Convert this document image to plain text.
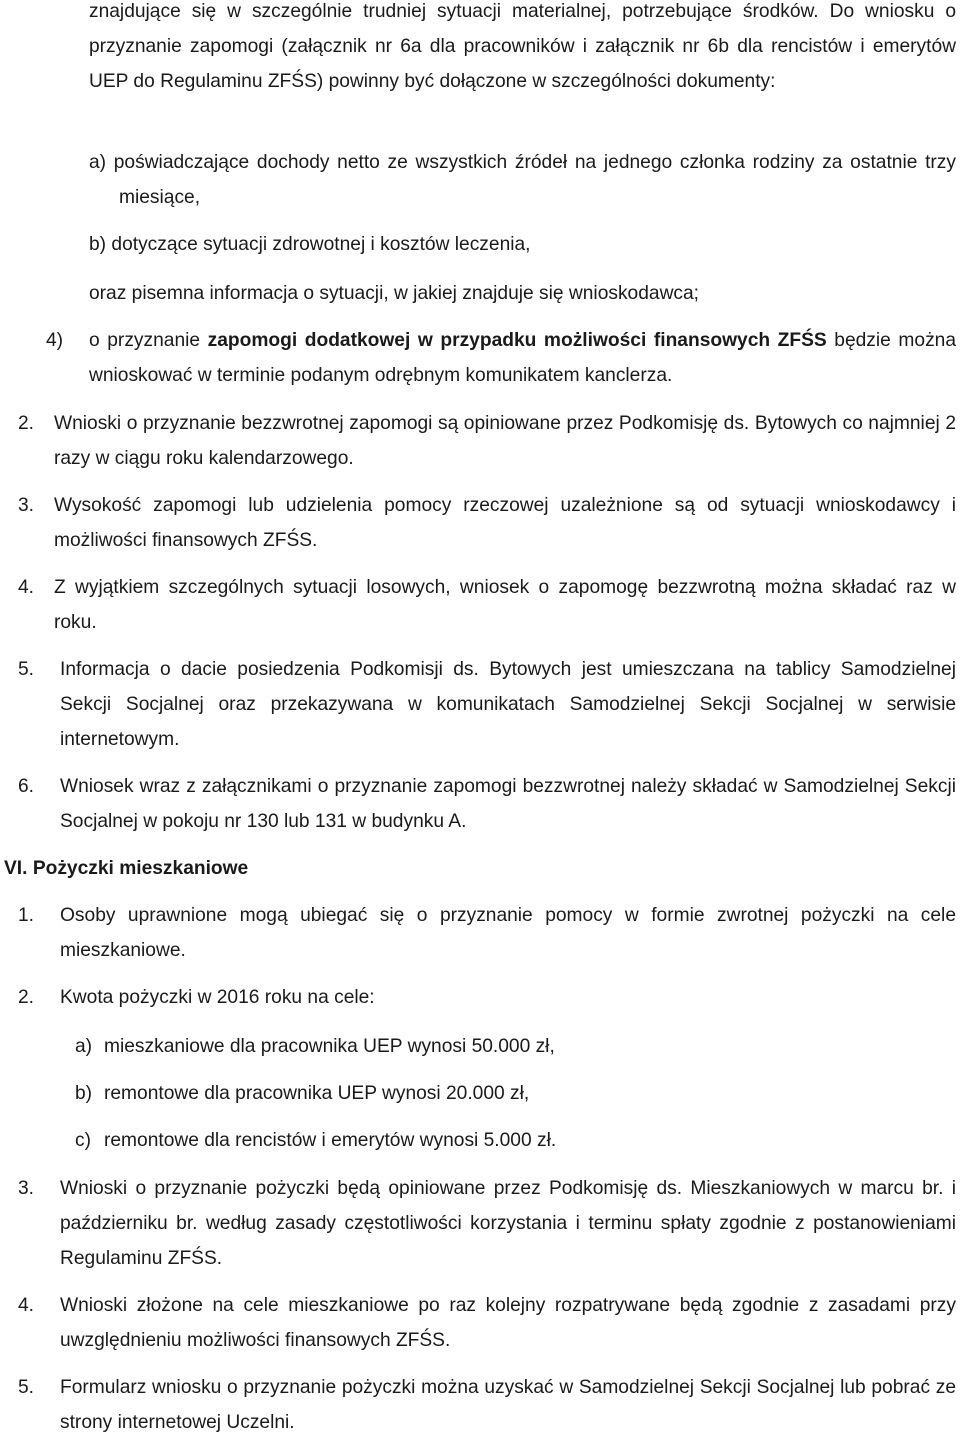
znajdujące się w szczególnie trudniej sytuacji materialnej, potrzebujące środków. Do wniosku o przyznanie zapomogi (załącznik nr 6a dla pracowników i załącznik nr 6b dla rencistów i emerytów UEP do Regulaminu ZFŚS) powinny być dołączone w szczególności dokumenty:
a) poświadczające dochody netto ze wszystkich źródeł na jednego członka rodziny za ostatnie trzy miesiące,
b) dotyczące sytuacji zdrowotnej i kosztów leczenia,
oraz pisemna informacja o sytuacji, w jakiej znajduje się wnioskodawca;
4) o przyznanie zapomogi dodatkowej w przypadku możliwości finansowych ZFŚS będzie można wnioskować w terminie podanym odrębnym komunikatem kanclerza.
2. Wnioski o przyznanie bezzwrotnej zapomogi są opiniowane przez Podkomisję ds. Bytowych co najmniej 2 razy w ciągu roku kalendarzowego.
3. Wysokość zapomogi lub udzielenia pomocy rzeczowej uzależnione są od sytuacji wnioskodawcy i możliwości finansowych ZFŚS.
4. Z wyjątkiem szczególnych sytuacji losowych, wniosek o zapomogę bezzwrotną można składać raz w roku.
5. Informacja o dacie posiedzenia Podkomisji ds. Bytowych jest umieszczana na tablicy Samodzielnej Sekcji Socjalnej oraz przekazywana w komunikatach Samodzielnej Sekcji Socjalnej w serwisie internetowym.
6. Wniosek wraz z załącznikami o przyznanie zapomogi bezzwrotnej należy składać w Samodzielnej Sekcji Socjalnej w pokoju nr 130 lub 131 w budynku A.
VI. Pożyczki mieszkaniowe
1. Osoby uprawnione mogą ubiegać się o przyznanie pomocy w formie zwrotnej pożyczki na cele mieszkaniowe.
2. Kwota pożyczki w 2016 roku na cele:
a) mieszkaniowe dla pracownika UEP wynosi 50.000 zł,
b) remontowe dla pracownika UEP wynosi 20.000 zł,
c) remontowe dla rencistów i emerytów wynosi 5.000 zł.
3. Wnioski o przyznanie pożyczki będą opiniowane przez Podkomisję ds. Mieszkaniowych w marcu br. i październiku br. według zasady częstotliwości korzystania i terminu spłaty zgodnie z postanowieniami Regulaminu ZFŚS.
4. Wnioski złożone na cele mieszkaniowe po raz kolejny rozpatrywane będą zgodnie z zasadami przy uwzględnieniu możliwości finansowych ZFŚS.
5. Formularz wniosku o przyznanie pożyczki można uzyskać w Samodzielnej Sekcji Socjalnej lub pobrać ze strony internetowej Uczelni.
